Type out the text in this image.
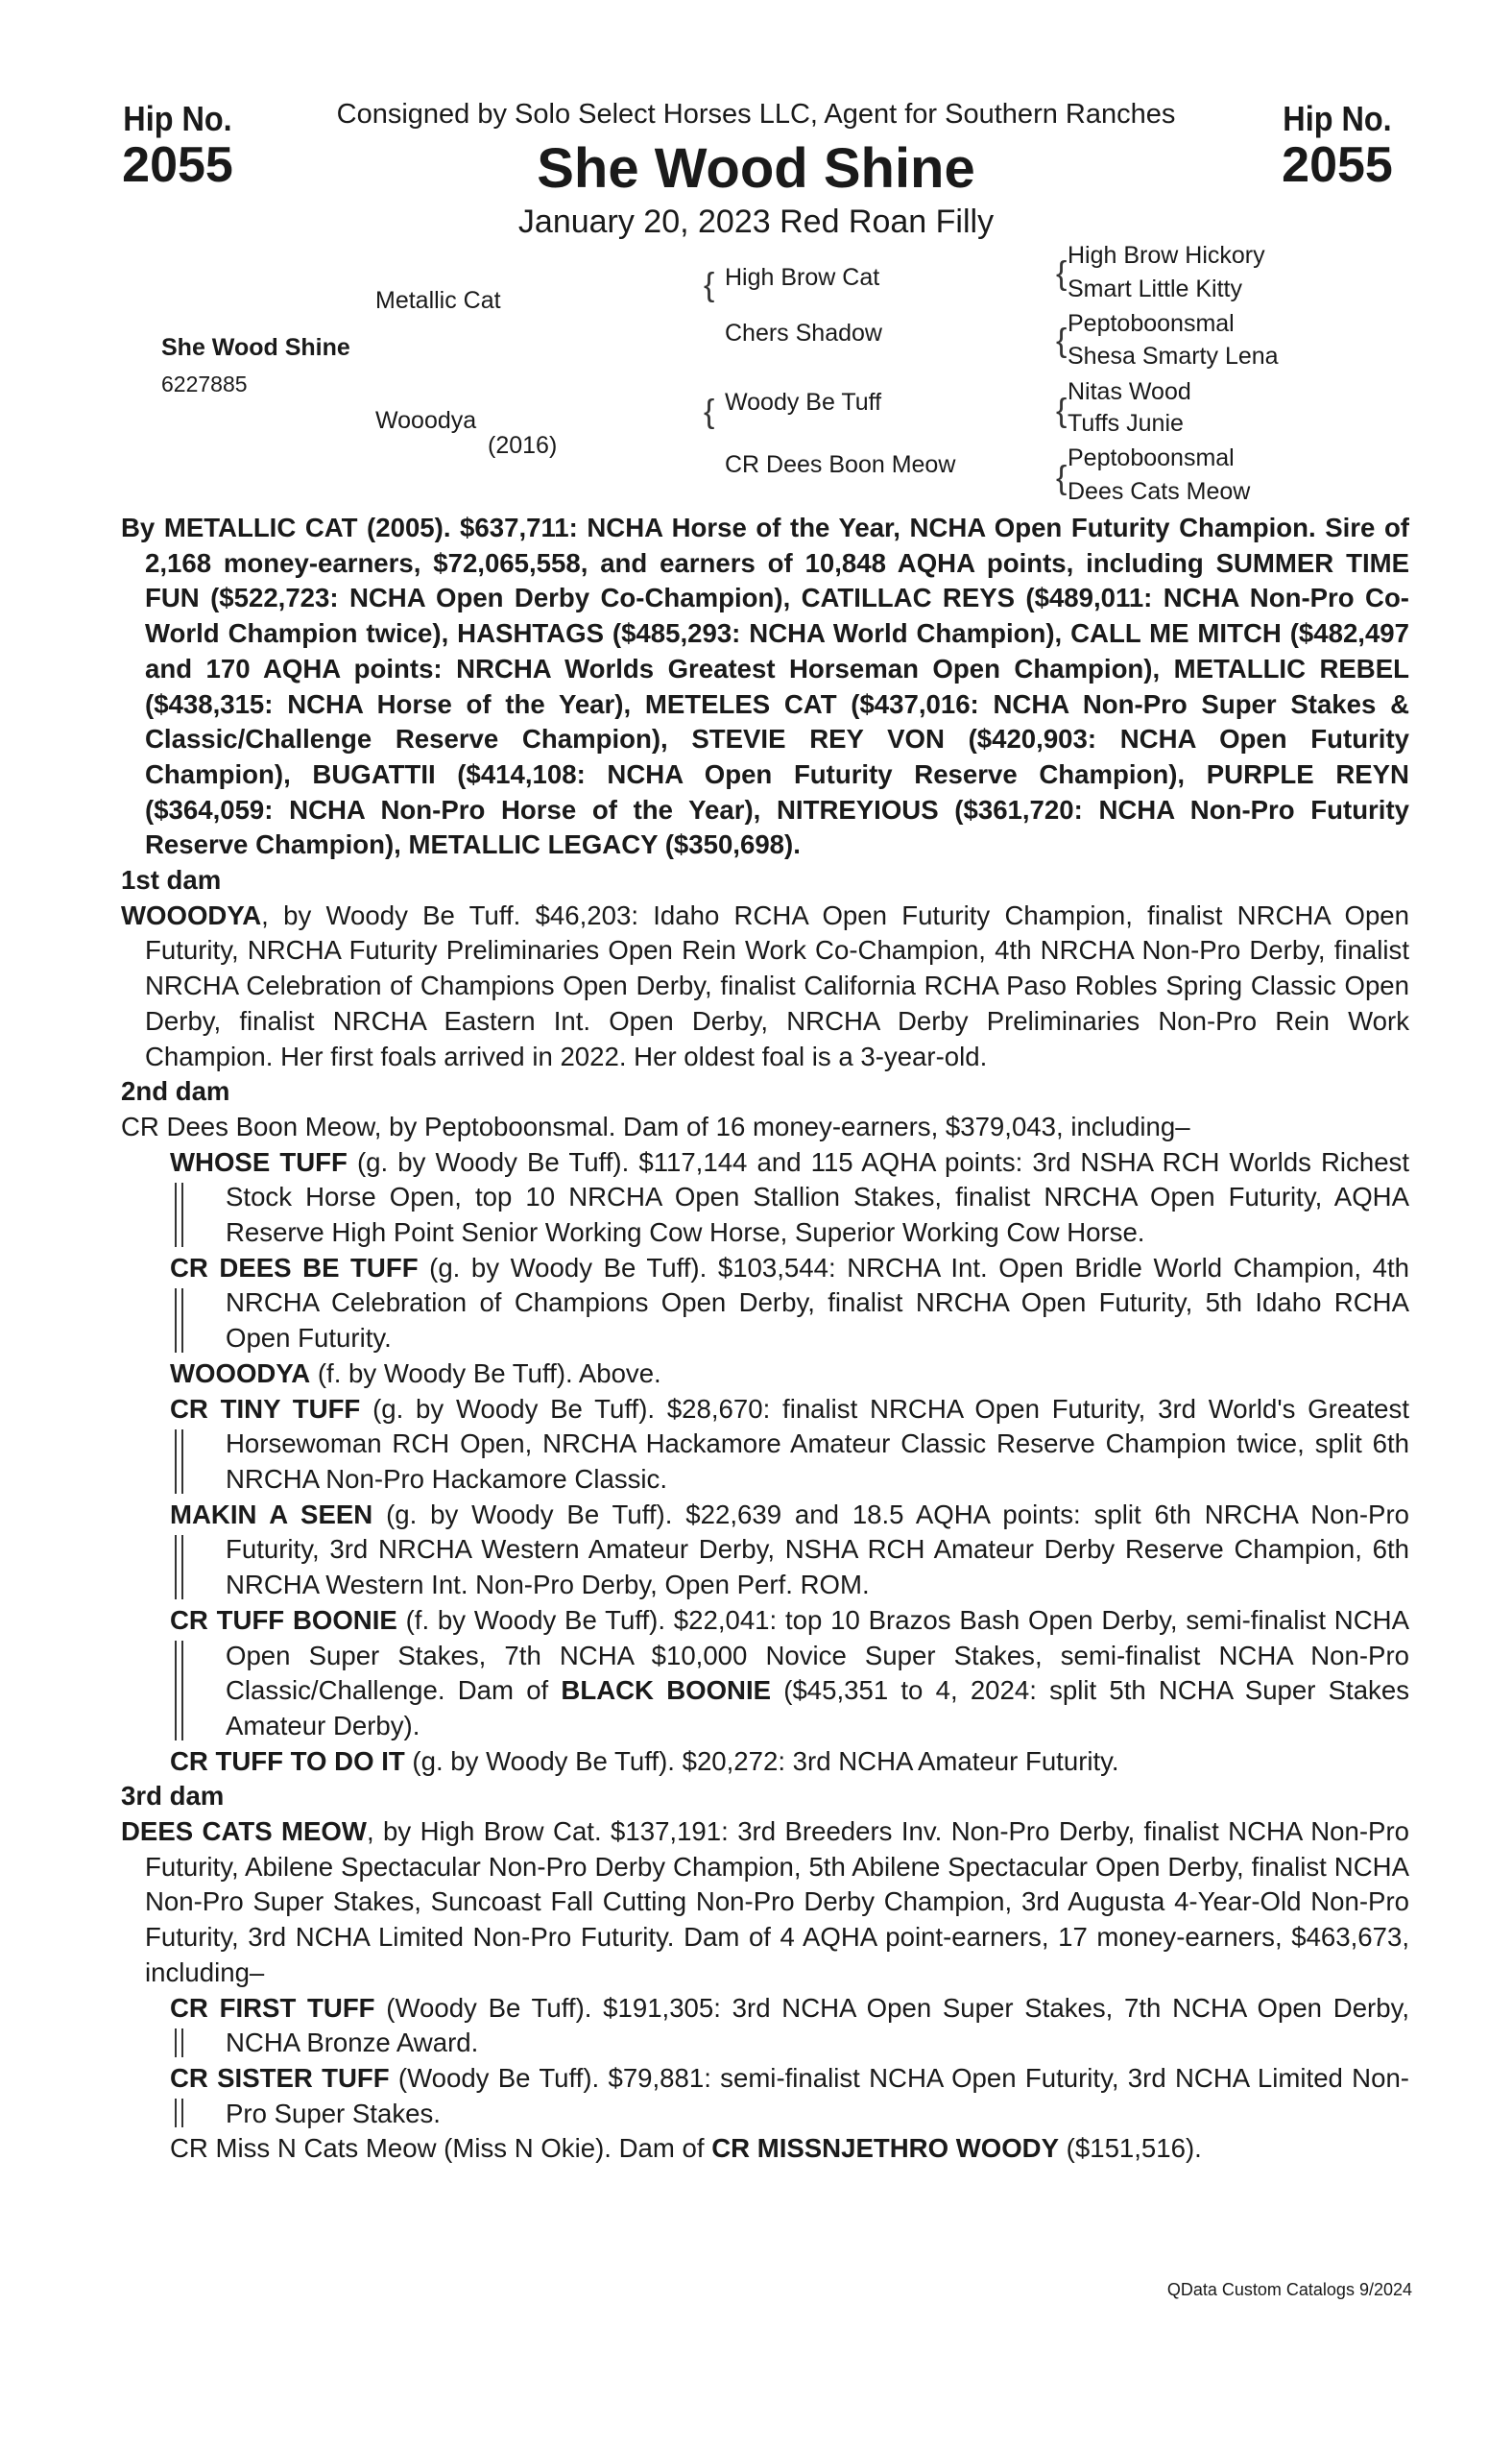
Hip No.
2055
Hip No.
2055
Consigned by Solo Select Horses LLC, Agent for Southern Ranches
She Wood Shine
January 20, 2023 Red Roan Filly
She Wood Shine
6227885
Metallic Cat
Wooodya
(2016)
{ High Brow Cat
Chers Shadow
{ Woody Be Tuff
CR Dees Boon Meow
{ High Brow Hickory
Smart Little Kitty
{ Peptoboonsmal
Shesa Smarty Lena
{
Nitas Wood
Tuffs Junie
{
Peptoboonsmal
Dees Cats Meow
By METALLIC CAT (2005). $637,711: NCHA Horse of the Year, NCHA Open Futurity Champion. Sire of 2,168 money-earners, $72,065,558, and earners of 10,848 AQHA points, including SUMMER TIME FUN ($522,723: NCHA Open Derby Co-Champion), CATILLAC REYS ($489,011: NCHA Non-Pro Co-World Champion twice), HASHTAGS ($485,293: NCHA World Champion), CALL ME MITCH ($482,497 and 170 AQHA points: NRCHA Worlds Greatest Horseman Open Champion), METALLIC REBEL ($438,315: NCHA Horse of the Year), METELES CAT ($437,016: NCHA Non-Pro Super Stakes & Classic/Challenge Reserve Champion), STEVIE REY VON ($420,903: NCHA Open Futurity Champion), BUGATTII ($414,108: NCHA Open Futurity Reserve Champion), PURPLE REYN ($364,059: NCHA Non-Pro Horse of the Year), NITREYIOUS ($361,720: NCHA Non-Pro Futurity Reserve Champion), METALLIC LEGACY ($350,698).
1st dam
WOOODYA, by Woody Be Tuff. $46,203: Idaho RCHA Open Futurity Champion, finalist NRCHA Open Futurity, NRCHA Futurity Preliminaries Open Rein Work Co-Champion, 4th NRCHA Non-Pro Derby, finalist NRCHA Celebration of Champions Open Derby, finalist California RCHA Paso Robles Spring Classic Open Derby, finalist NRCHA Eastern Int. Open Derby, NRCHA Derby Preliminaries Non-Pro Rein Work Champion. Her first foals arrived in 2022. Her oldest foal is a 3-year-old.
2nd dam
CR Dees Boon Meow, by Peptoboonsmal. Dam of 16 money-earners, $379,043, including–
WHOSE TUFF (g. by Woody Be Tuff). $117,144 and 115 AQHA points: 3rd NSHA RCH Worlds Richest Stock Horse Open, top 10 NRCHA Open Stallion Stakes, finalist NRCHA Open Futurity, AQHA Reserve High Point Senior Working Cow Horse, Superior Working Cow Horse.
CR DEES BE TUFF (g. by Woody Be Tuff). $103,544: NRCHA Int. Open Bridle World Champion, 4th NRCHA Celebration of Champions Open Derby, finalist NRCHA Open Futurity, 5th Idaho RCHA Open Futurity.
WOOODYA (f. by Woody Be Tuff). Above.
CR TINY TUFF (g. by Woody Be Tuff). $28,670: finalist NRCHA Open Futurity, 3rd World's Greatest Horsewoman RCH Open, NRCHA Hackamore Amateur Classic Reserve Champion twice, split 6th NRCHA Non-Pro Hackamore Classic.
MAKIN A SEEN (g. by Woody Be Tuff). $22,639 and 18.5 AQHA points: split 6th NRCHA Non-Pro Futurity, 3rd NRCHA Western Amateur Derby, NSHA RCH Amateur Derby Reserve Champion, 6th NRCHA Western Int. Non-Pro Derby, Open Perf. ROM.
CR TUFF BOONIE (f. by Woody Be Tuff). $22,041: top 10 Brazos Bash Open Derby, semi-finalist NCHA Open Super Stakes, 7th NCHA $10,000 Novice Super Stakes, semi-finalist NCHA Non-Pro Classic/Challenge. Dam of BLACK BOONIE ($45,351 to 4, 2024: split 5th NCHA Super Stakes Amateur Derby).
CR TUFF TO DO IT (g. by Woody Be Tuff). $20,272: 3rd NCHA Amateur Futurity.
3rd dam
DEES CATS MEOW, by High Brow Cat. $137,191: 3rd Breeders Inv. Non-Pro Derby, finalist NCHA Non-Pro Futurity, Abilene Spectacular Non-Pro Derby Champion, 5th Abilene Spectacular Open Derby, finalist NCHA Non-Pro Super Stakes, Suncoast Fall Cutting Non-Pro Derby Champion, 3rd Augusta 4-Year-Old Non-Pro Futurity, 3rd NCHA Limited Non-Pro Futurity. Dam of 4 AQHA point-earners, 17 money-earners, $463,673, including–
CR FIRST TUFF (Woody Be Tuff). $191,305: 3rd NCHA Open Super Stakes, 7th NCHA Open Derby, NCHA Bronze Award.
CR SISTER TUFF (Woody Be Tuff). $79,881: semi-finalist NCHA Open Futurity, 3rd NCHA Limited Non-Pro Super Stakes.
CR Miss N Cats Meow (Miss N Okie). Dam of CR MISSNJETHRO WOODY ($151,516).
QData Custom Catalogs 9/2024
